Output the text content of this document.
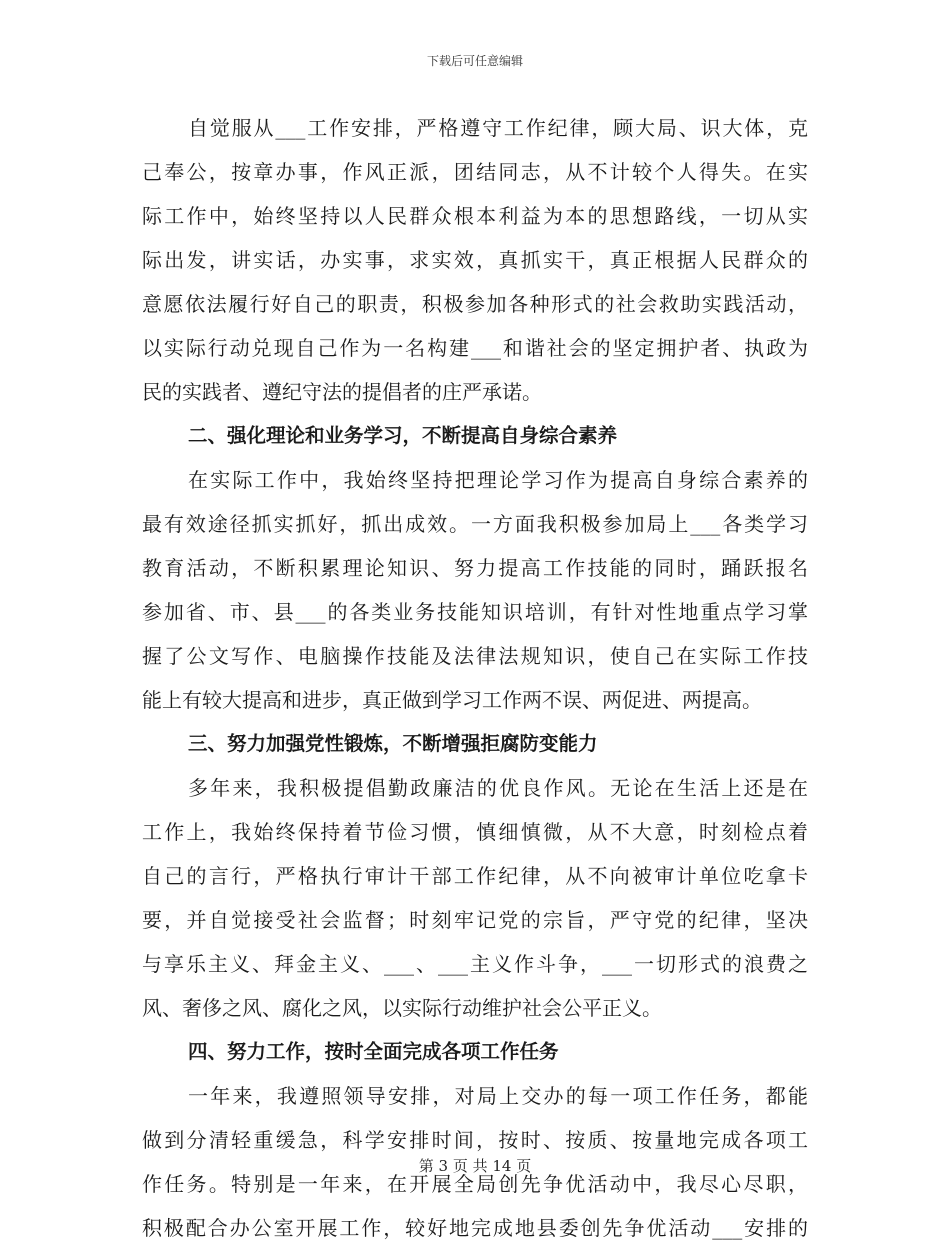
下载后可任意编辑
自觉服从___工作安排，严格遵守工作纪律，顾大局、识大体，克
己奉公，按章办事，作风正派，团结同志，从不计较个人得失。在实
际工作中，始终坚持以人民群众根本利益为本的思想路线，一切从实
际出发，讲实话，办实事，求实效，真抓实干，真正根据人民群众的
意愿依法履行好自己的职责，积极参加各种形式的社会救助实践活动，
以实际行动兑现自己作为一名构建___和谐社会的坚定拥护者、执政为
民的实践者、遵纪守法的提倡者的庄严承诺。
二、强化理论和业务学习，不断提高自身综合素养
在实际工作中，我始终坚持把理论学习作为提高自身综合素养的
最有效途径抓实抓好，抓出成效。一方面我积极参加局上___各类学习
教育活动，不断积累理论知识、努力提高工作技能的同时，踊跃报名
参加省、市、县___的各类业务技能知识培训，有针对性地重点学习掌
握了公文写作、电脑操作技能及法律法规知识，使自己在实际工作技
能上有较大提高和进步，真正做到学习工作两不误、两促进、两提高。
三、努力加强党性锻炼，不断增强拒腐防变能力
多年来，我积极提倡勤政廉洁的优良作风。无论在生活上还是在
工作上，我始终保持着节俭习惯，慎细慎微，从不大意，时刻检点着
自己的言行，严格执行审计干部工作纪律，从不向被审计单位吃拿卡
要，并自觉接受社会监督；时刻牢记党的宗旨，严守党的纪律，坚决
与享乐主义、拜金主义、___、___主义作斗争，___一切形式的浪费之
风、奢侈之风、腐化之风，以实际行动维护社会公平正义。
四、努力工作，按时全面完成各项工作任务
一年来，我遵照领导安排，对局上交办的每一项工作任务，都能
做到分清轻重缓急，科学安排时间，按时、按质、按量地完成各项工
作任务。特别是一年来，在开展全局创先争优活动中，我尽心尽职，
积极配合办公室开展工作，较好地完成地县委创先争优活动___安排的
第 3 页 共 14 页
